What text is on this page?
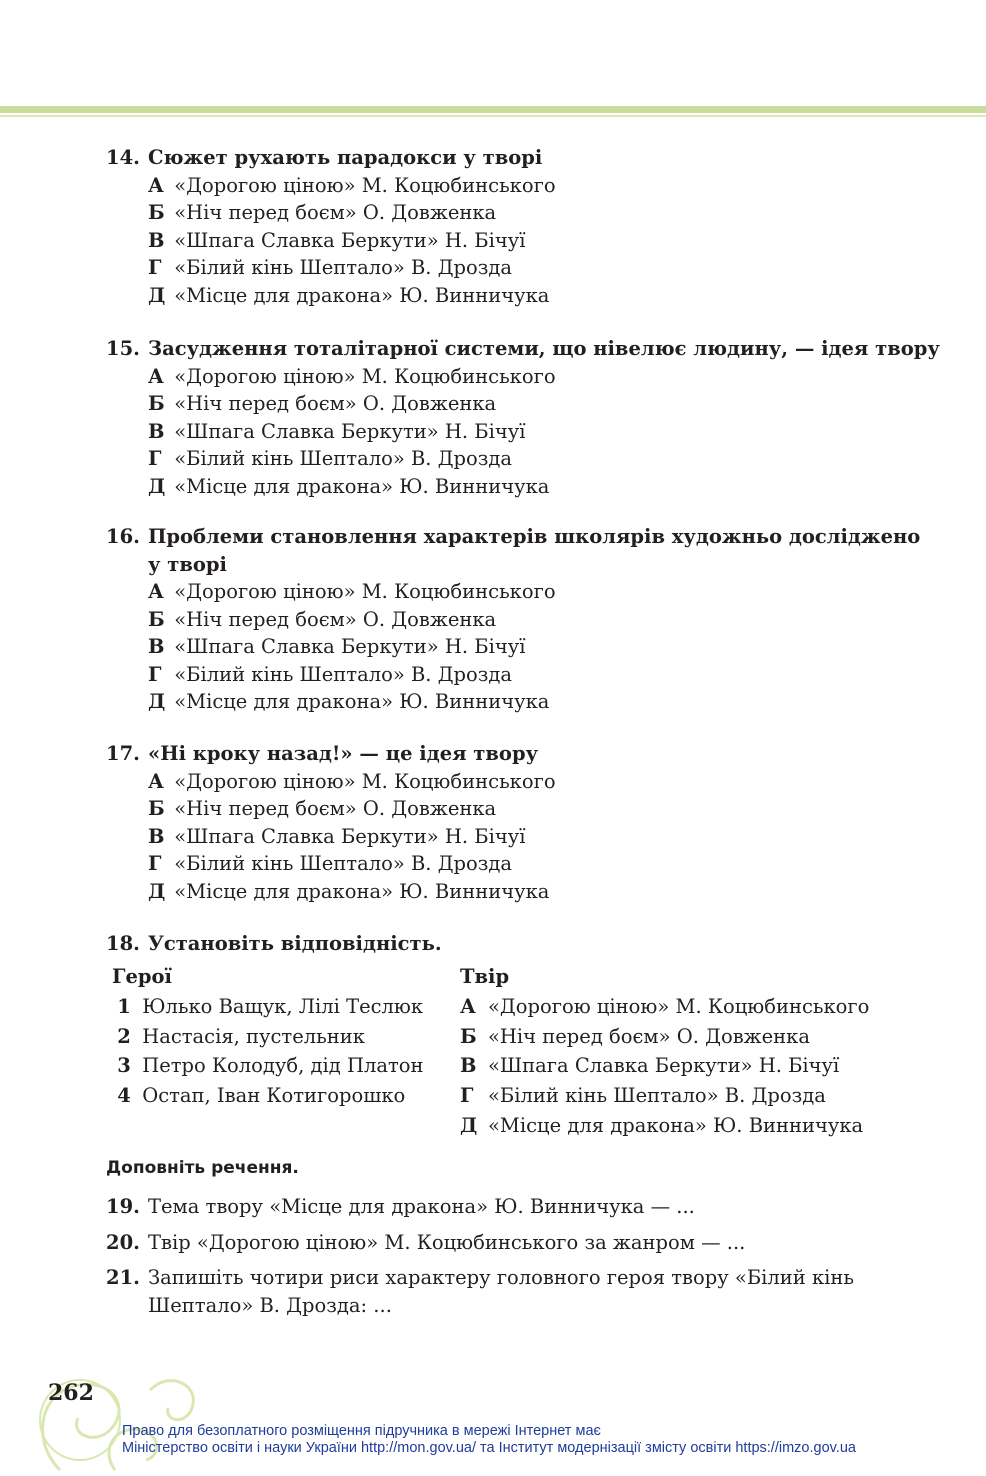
14. Сюжет рухають парадокси у творі
А «Дорогою ціною» М. Коцюбинського
Б «Ніч перед боєм» О. Довженка
В «Шпага Славка Беркути» Н. Бічуї
Г «Білий кінь Шептало» В. Дрозда
Д «Місце для дракона» Ю. Винничука
15. Засудження тоталітарної системи, що нівелює людину, — ідея твору
А «Дорогою ціною» М. Коцюбинського
Б «Ніч перед боєм» О. Довженка
В «Шпага Славка Беркути» Н. Бічуї
Г «Білий кінь Шептало» В. Дрозда
Д «Місце для дракона» Ю. Винничука
16. Проблеми становлення характерів школярів художньо досліджено
у творі
А «Дорогою ціною» М. Коцюбинського
Б «Ніч перед боєм» О. Довженка
В «Шпага Славка Беркути» Н. Бічуї
Г «Білий кінь Шептало» В. Дрозда
Д «Місце для дракона» Ю. Винничука
17. «Ні кроку назад!» — це ідея твору
А «Дорогою ціною» М. Коцюбинського
Б «Ніч перед боєм» О. Довженка
В «Шпага Славка Беркути» Н. Бічуї
Г «Білий кінь Шептало» В. Дрозда
Д «Місце для дракона» Ю. Винничука
18. Установіть відповідність.
Герої
1 Юлько Ващук, Лілі Теслюк
2 Настасія, пустельник
3 Петро Колодуб, дід Платон
4 Остап, Іван Котигорошко
Твір
А «Дорогою ціною» М. Коцюбинського
Б «Ніч перед боєм» О. Довженка
В «Шпага Славка Беркути» Н. Бічуї
Г «Білий кінь Шептало» В. Дрозда
Д «Місце для дракона» Ю. Винничука
Доповніть речення.
19. Тема твору «Місце для дракона» Ю. Винничука — ...
20. Твір «Дорогою ціною» М. Коцюбинського за жанром — ...
21. Запишіть чотири риси характеру головного героя твору «Білий кінь
Шептало» В. Дрозда: ...
262
Право для безоплатного розміщення підручника в мережі Інтернет має
Міністерство освіти і науки України http://mon.gov.ua/ та Інститут модернізації змісту освіти https://imzo.gov.ua
